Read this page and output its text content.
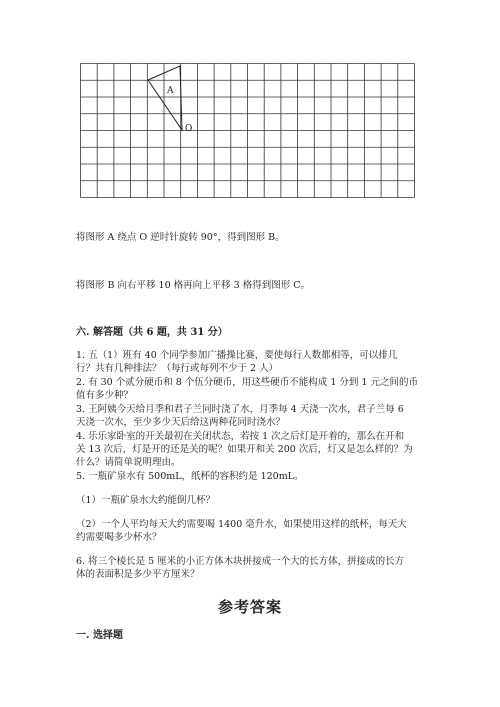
A
O
将图形 A 绕点 O 逆时针旋转 90°，得到图形 B。
将图形 B 向右平移 10 格再向上平移 3 格得到图形 C。
六. 解答题（共 6 题，共 31 分）
1. 五（1）班有 40 个同学参加广播操比赛，要使每行人数都相等，可以排几
行？共有几种排法？（每行或每列不少于 2 人）
2. 有 30 个贰分硬币和 8 个伍分硬币，用这些硬币不能构成 1 分到 1 元之间的币
值有多少种？
3. 王阿姨今天给月季和君子兰同时浇了水，月季每 4 天浇一次水，君子兰每 6
天浇一次水，至少多少天后给这两种花同时浇水？
4. 乐乐家卧室的开关最初在关闭状态，若按 1 次之后灯是开着的，那么在开和
关 13 次后，灯是开的还是关的呢？如果开和关 200 次后，灯又是怎么样的？为
什么？请简单说明理由。
5. 一瓶矿泉水有 500mL，纸杯的容积约是 120mL。
（1）一瓶矿泉水大约能倒几杯？
（2）一个人平均每天大约需要喝 1400 毫升水，如果使用这样的纸杯，每天大
约需要喝多少杯水？
6. 将三个棱长是 5 厘米的小正方体木块拼接成一个大的长方体，拼接成的长方
体的表面积是多少平方厘米？
参考答案
一. 选择题
